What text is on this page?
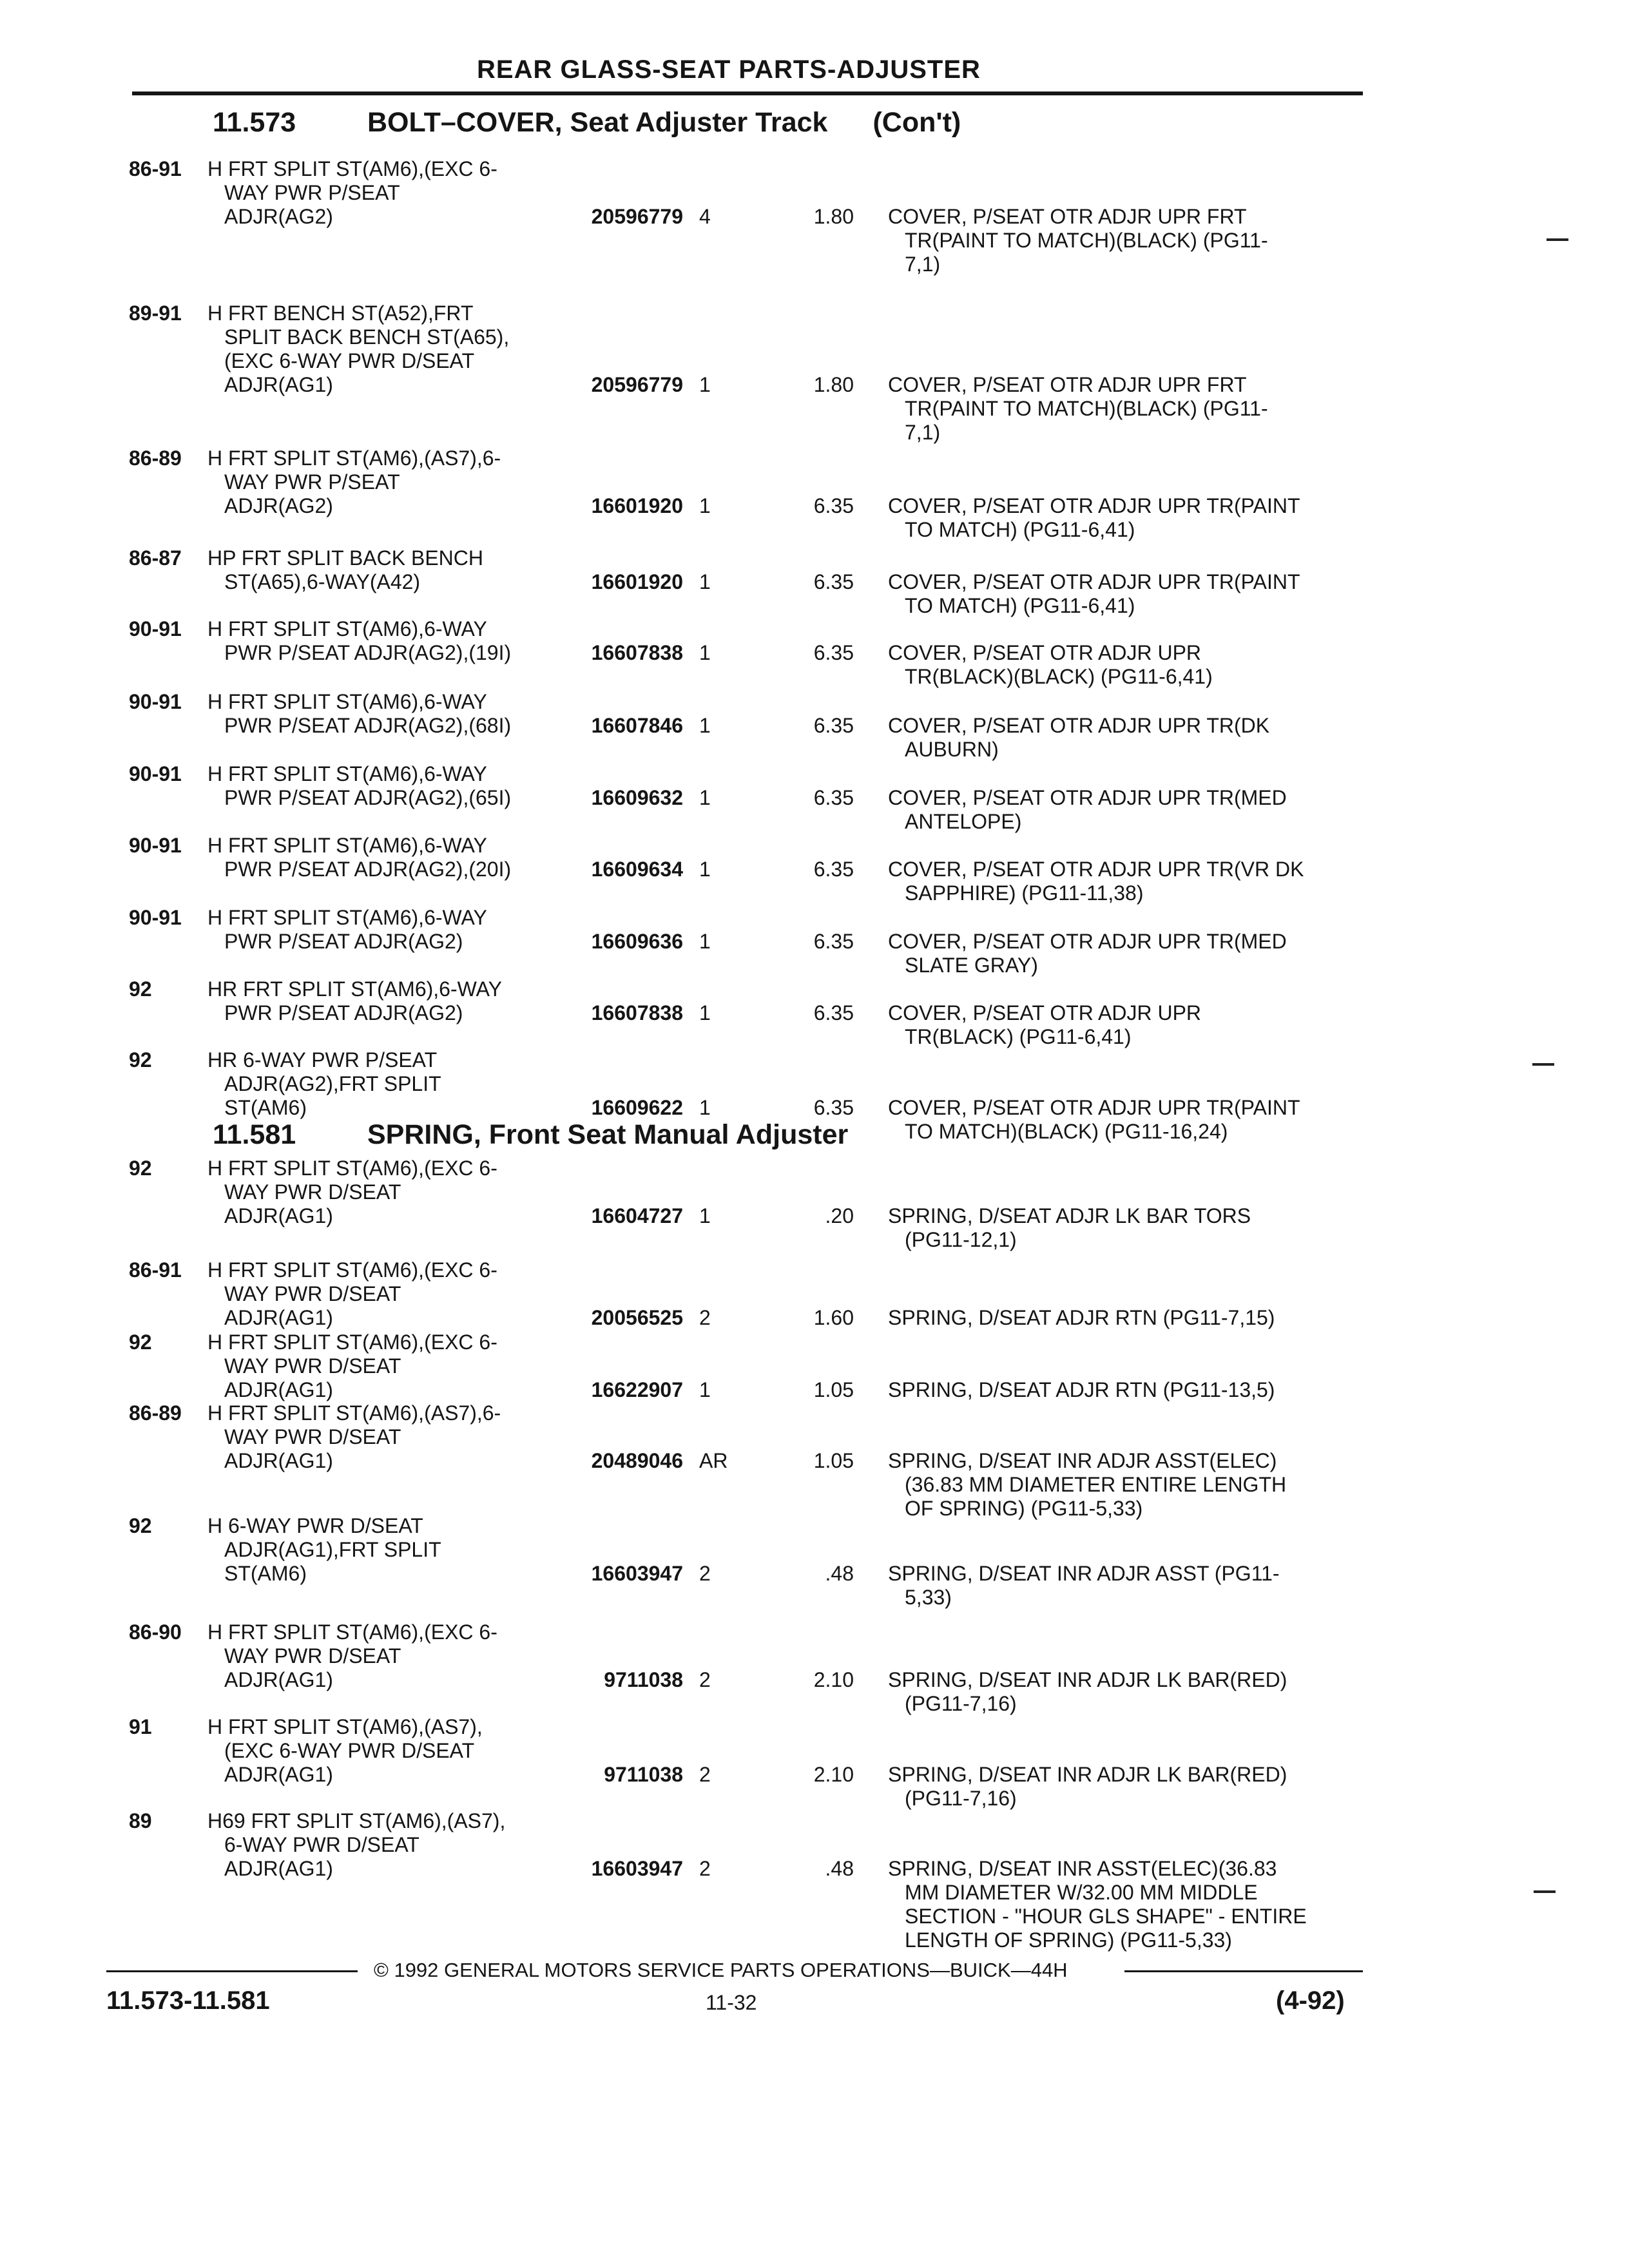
REAR GLASS-SEAT PARTS-ADJUSTER
11.573	BOLT–COVER, Seat Adjuster Track (Con't)
11.581	SPRING, Front Seat Manual Adjuster
86-91 H FRT SPLIT ST(AM6),(EXC 6-
WAY PWR P/SEAT
ADJR(AG2)	20596779 4	1.80 COVER, P/SEAT OTR ADJR UPR FRT
TR(PAINT TO MATCH)(BLACK) (PG11-
7,1)
89-91 H FRT BENCH ST(A52),FRT
SPLIT BACK BENCH ST(A65),
(EXC 6-WAY PWR D/SEAT
ADJR(AG1)	20596779 1	1.80 COVER, P/SEAT OTR ADJR UPR FRT
TR(PAINT TO MATCH)(BLACK) (PG11-
7,1)
86-89 H FRT SPLIT ST(AM6),(AS7),6-
WAY PWR P/SEAT
ADJR(AG2)	16601920 1	6.35 COVER, P/SEAT OTR ADJR UPR TR(PAINT
TO MATCH) (PG11-6,41)
86-87 HP FRT SPLIT BACK BENCH
ST(A65),6-WAY(A42)	16601920 1	6.35 COVER, P/SEAT OTR ADJR UPR TR(PAINT
TO MATCH) (PG11-6,41)
90-91 H FRT SPLIT ST(AM6),6-WAY
PWR P/SEAT ADJR(AG2),(19I)	16607838 1	6.35 COVER, P/SEAT OTR ADJR UPR
TR(BLACK)(BLACK) (PG11-6,41)
90-91 H FRT SPLIT ST(AM6),6-WAY
PWR P/SEAT ADJR(AG2),(68I)	16607846 1	6.35 COVER, P/SEAT OTR ADJR UPR TR(DK
AUBURN)
90-91 H FRT SPLIT ST(AM6),6-WAY
PWR P/SEAT ADJR(AG2),(65I)	16609632 1	6.35 COVER, P/SEAT OTR ADJR UPR TR(MED
ANTELOPE)
90-91 H FRT SPLIT ST(AM6),6-WAY
PWR P/SEAT ADJR(AG2),(20I)	16609634 1	6.35 COVER, P/SEAT OTR ADJR UPR TR(VR DK
SAPPHIRE) (PG11-11,38)
90-91 H FRT SPLIT ST(AM6),6-WAY
PWR P/SEAT ADJR(AG2)	16609636 1	6.35 COVER, P/SEAT OTR ADJR UPR TR(MED
SLATE GRAY)
92	HR FRT SPLIT ST(AM6),6-WAY
PWR P/SEAT ADJR(AG2)	16607838 1	6.35 COVER, P/SEAT OTR ADJR UPR
TR(BLACK) (PG11-6,41)
92	HR 6-WAY PWR P/SEAT
ADJR(AG2),FRT SPLIT
ST(AM6)	16609622 1	6.35 COVER, P/SEAT OTR ADJR UPR TR(PAINT
TO MATCH)(BLACK) (PG11-16,24)
92	H FRT SPLIT ST(AM6),(EXC 6-
WAY PWR D/SEAT
ADJR(AG1)	16604727 1	.20 SPRING, D/SEAT ADJR LK BAR TORS
(PG11-12,1)
86-91 H FRT SPLIT ST(AM6),(EXC 6-
WAY PWR D/SEAT
ADJR(AG1)	20056525 2	1.60 SPRING, D/SEAT ADJR RTN (PG11-7,15)
92	H FRT SPLIT ST(AM6),(EXC 6-
WAY PWR D/SEAT
ADJR(AG1)	16622907 1	1.05 SPRING, D/SEAT ADJR RTN (PG11-13,5)
86-89 H FRT SPLIT ST(AM6),(AS7),6-
WAY PWR D/SEAT
ADJR(AG1)	20489046 AR	1.05 SPRING, D/SEAT INR ADJR ASST(ELEC)
(36.83 MM DIAMETER ENTIRE LENGTH
OF SPRING) (PG11-5,33)
92	H 6-WAY PWR D/SEAT
ADJR(AG1),FRT SPLIT
ST(AM6)	16603947 2	.48 SPRING, D/SEAT INR ADJR ASST (PG11-
5,33)
86-90 H FRT SPLIT ST(AM6),(EXC 6-
WAY PWR D/SEAT
ADJR(AG1)	9711038 2	2.10 SPRING, D/SEAT INR ADJR LK BAR(RED)
(PG11-7,16)
91	H FRT SPLIT ST(AM6),(AS7),
(EXC 6-WAY PWR D/SEAT
ADJR(AG1)	9711038 2	2.10 SPRING, D/SEAT INR ADJR LK BAR(RED)
(PG11-7,16)
89	H69 FRT SPLIT ST(AM6),(AS7),
6-WAY PWR D/SEAT
ADJR(AG1)	16603947 2	.48 SPRING, D/SEAT INR ASST(ELEC)(36.83
MM DIAMETER W/32.00 MM MIDDLE
SECTION - "HOUR GLS SHAPE" - ENTIRE
LENGTH OF SPRING) (PG11-5,33)
© 1992 GENERAL MOTORS SERVICE PARTS OPERATIONS—BUICK—44H
11.573-11.581	11-32	(4-92)
